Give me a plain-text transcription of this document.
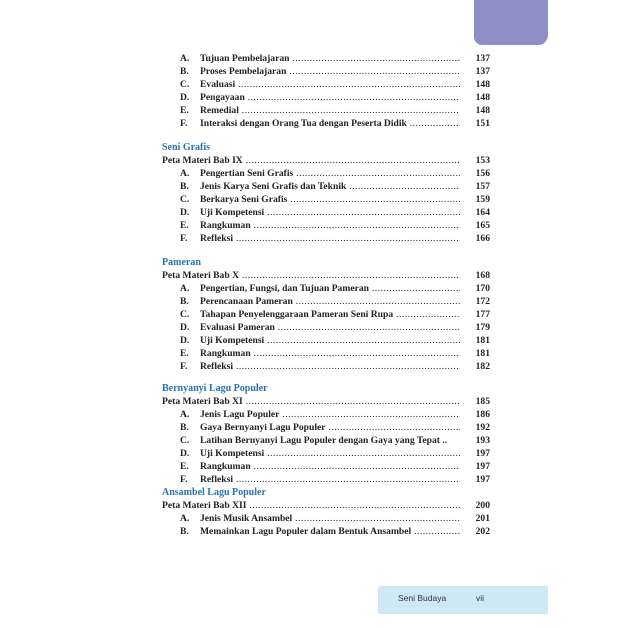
A.	Tujuan Pembelajaran .....	137
B.	Proses Pembelajaran .....	137
C.	Evaluasi .....	148
D.	Pengayaan .....	148
E.	Remedial .....	148
F.	Interaksi dengan Orang Tua dengan Peserta Didik .....	151
Seni Grafis
Peta Materi Bab IX .....	153
A.	Pengertian Seni Grafis .....	156
B.	Jenis Karya Seni Grafis dan Teknik .....	157
C.	Berkarya Seni Grafis .....	159
D.	Uji Kompetensi .....	164
E.	Rangkuman .....	165
F.	Refleksi .....	166
Pameran
Peta Materi Bab X .....	168
A.	Pengertian, Fungsi, dan Tujuan Pameran .....	170
B.	Perencanaan Pameran .....	172
C.	Tahapan Penyelenggaraan Pameran Seni Rupa .....	177
D.	Evaluasi Pameran .....	179
D.	Uji Kompetensi .....	181
E.	Rangkuman .....	181
F.	Refleksi .....	182
Bernyanyi Lagu Populer
Peta Materi Bab XI .....	185
A.	Jenis Lagu Populer .....	186
B.	Gaya Bernyanyi Lagu Populer .....	192
C.	Latihan Bernyanyi Lagu Populer dengan Gaya yang Tepat ..	193
D.	Uji Kompetensi .....	197
E.	Rangkuman .....	197
F.	Refleksi .....	197
Ansambel Lagu Populer
Peta Materi Bab XII .....	200
A.	Jenis Musik Ansambel .....	201
B.	Memainkan Lagu Populer dalam Bentuk Ansambel .....	202
Seni Budaya	vii
